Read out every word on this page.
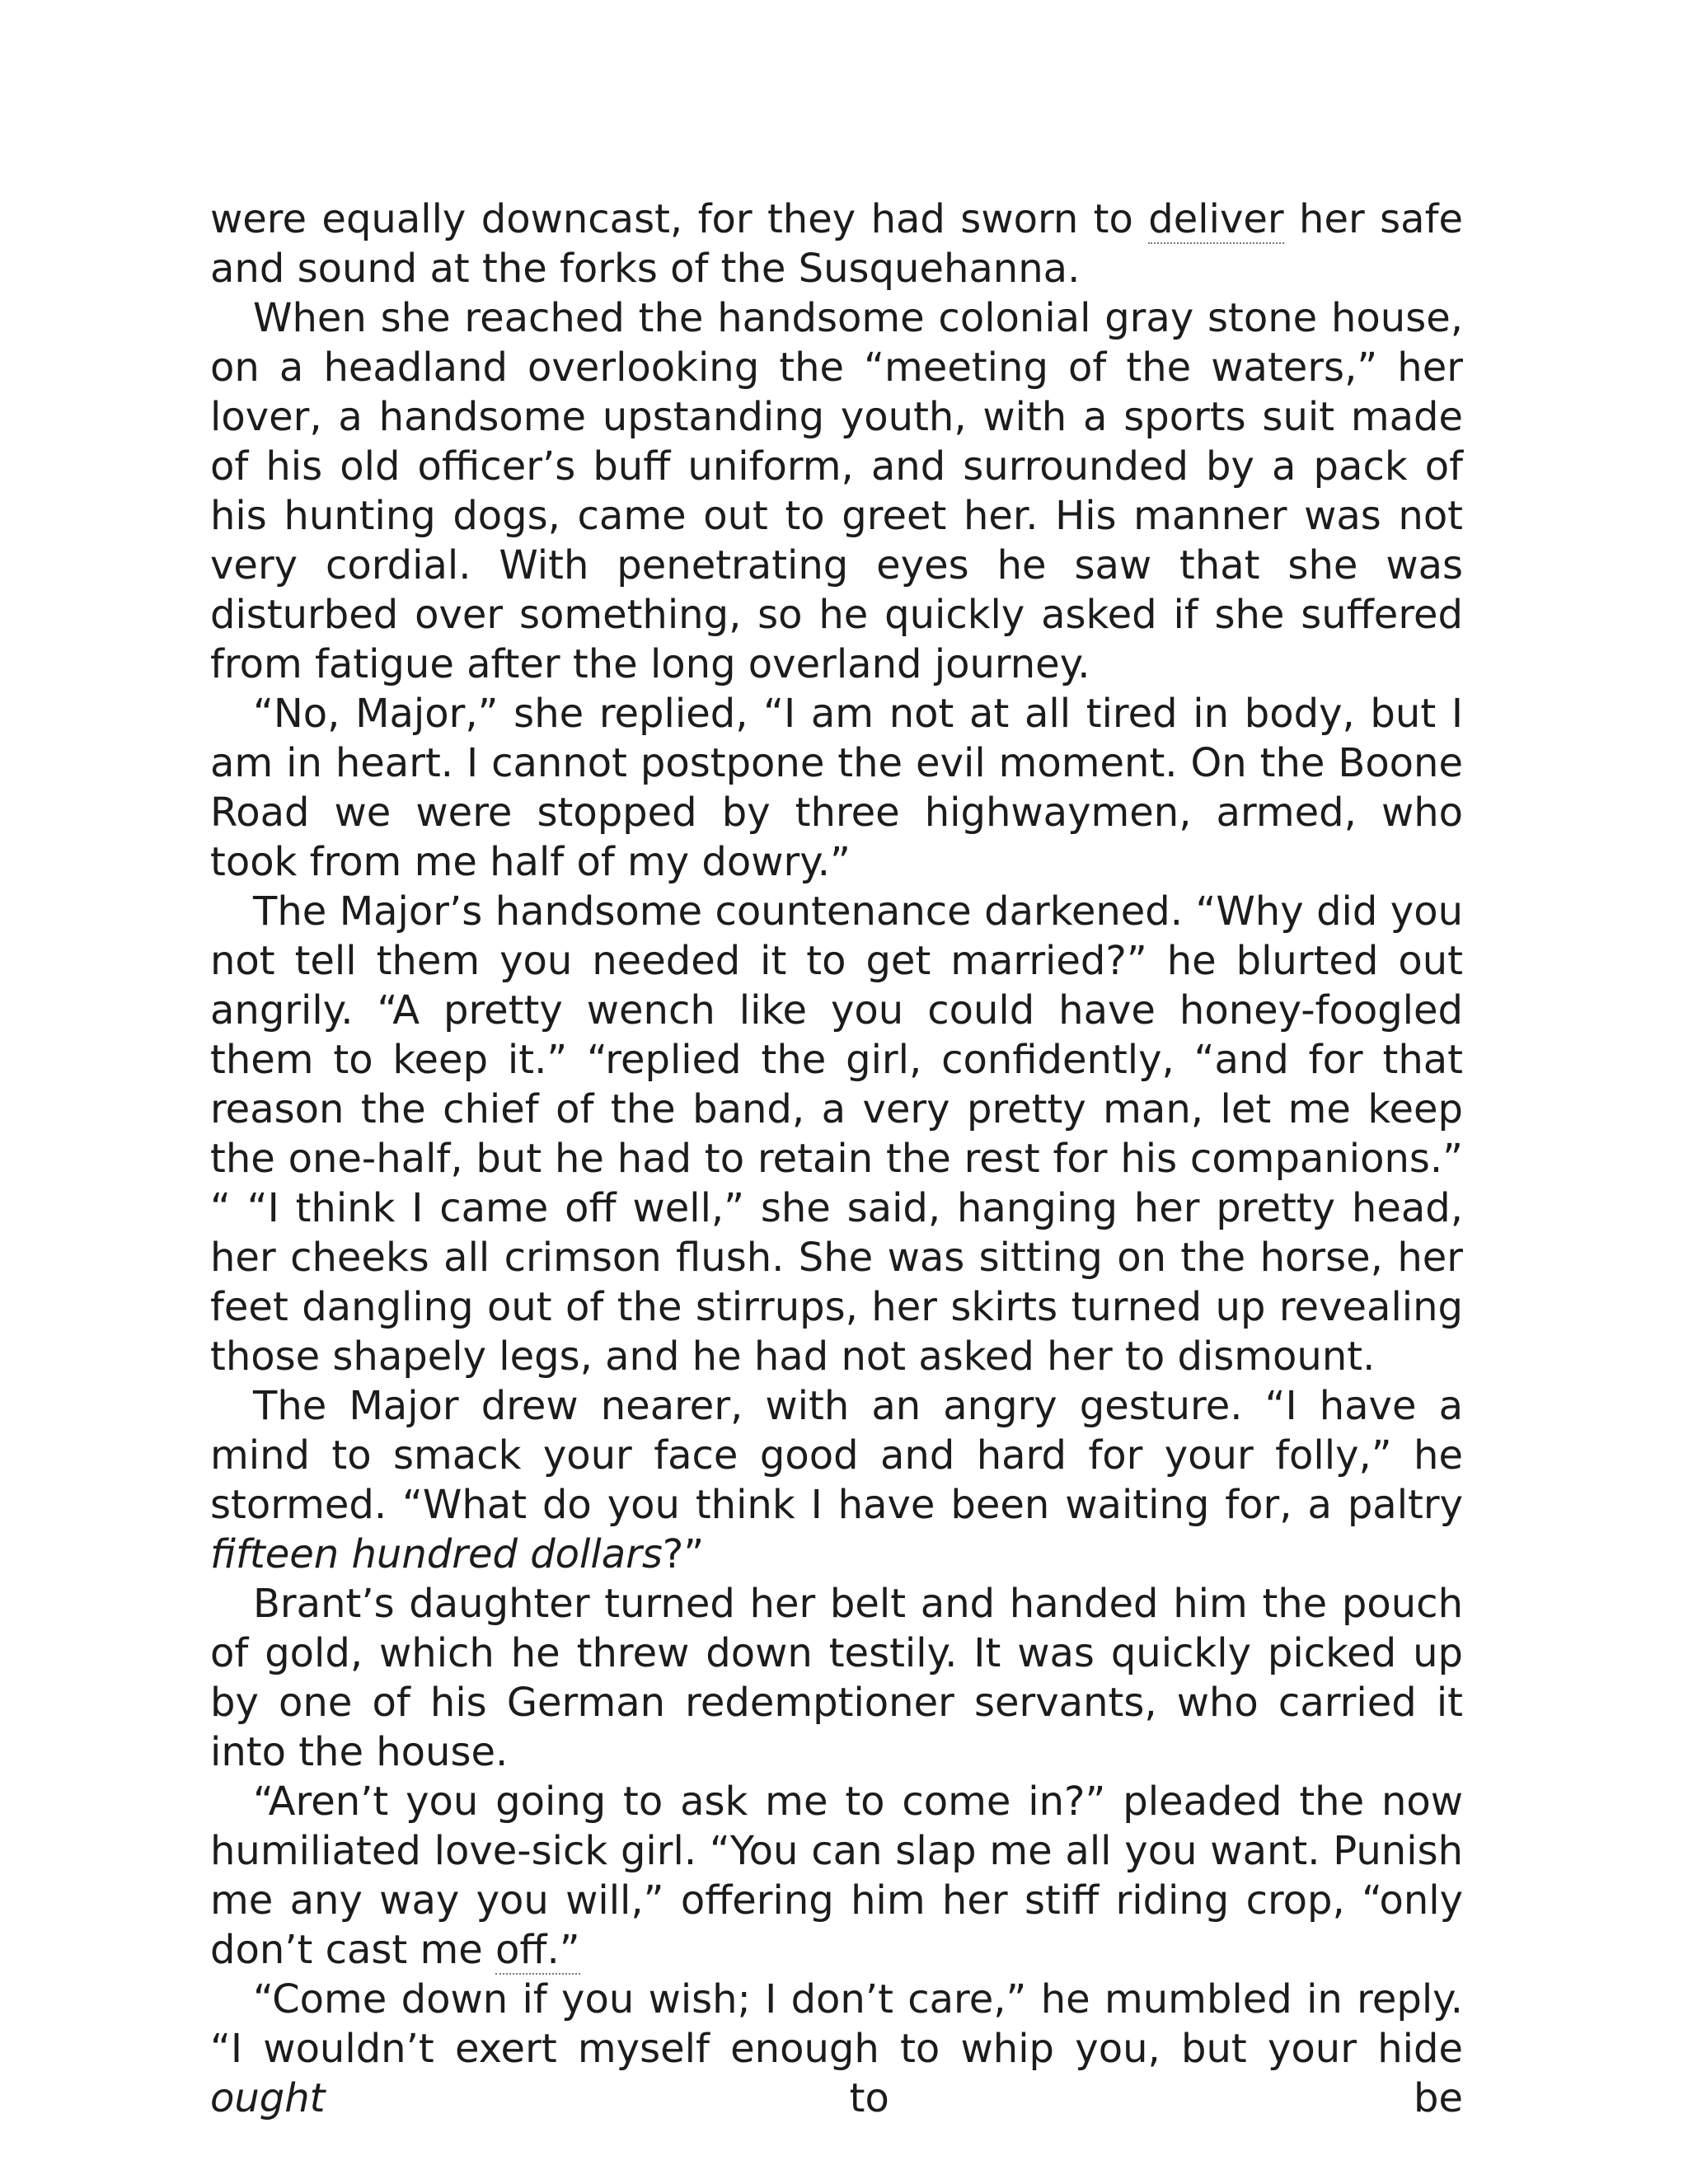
were equally downcast, for they had sworn to deliver her safe and sound at the forks of the Susquehanna.

When she reached the handsome colonial gray stone house, on a headland overlooking the “meeting of the waters,” her lover, a handsome upstanding youth, with a sports suit made of his old officer’s buff uniform, and surrounded by a pack of his hunting dogs, came out to greet her. His manner was not very cordial. With penetrating eyes he saw that she was disturbed over something, so he quickly asked if she suffered from fatigue after the long overland journey.

“No, Major,” she replied, “I am not at all tired in body, but I am in heart. I cannot postpone the evil moment. On the Boone Road we were stopped by three highwaymen, armed, who took from me half of my dowry.”

The Major’s handsome countenance darkened. “Why did you not tell them you needed it to get married?” he blurted out angrily. “A pretty wench like you could have honey-foogled them to keep it.” “replied the girl, confidently, “and for that reason the chief of the band, a very pretty man, let me keep the one-half, but he had to retain the rest for his companions.” “ “I think I came off well,” she said, hanging her pretty head, her cheeks all crimson flush. She was sitting on the horse, her feet dangling out of the stirrups, her skirts turned up revealing those shapely legs, and he had not asked her to dismount.

The Major drew nearer, with an angry gesture. “I have a mind to smack your face good and hard for your folly,” he stormed. “What do you think I have been waiting for, a paltry fifteen hundred dollars?”

Brant’s daughter turned her belt and handed him the pouch of gold, which he threw down testily. It was quickly picked up by one of his German redemptioner servants, who carried it into the house.

“Aren’t you going to ask me to come in?” pleaded the now humiliated love-sick girl. “You can slap me all you want. Punish me any way you will,” offering him her stiff riding crop, “only don’t cast me off.”

“Come down if you wish; I don’t care,” he mumbled in reply. “I wouldn’t exert myself enough to whip you, but your hide ought to be
